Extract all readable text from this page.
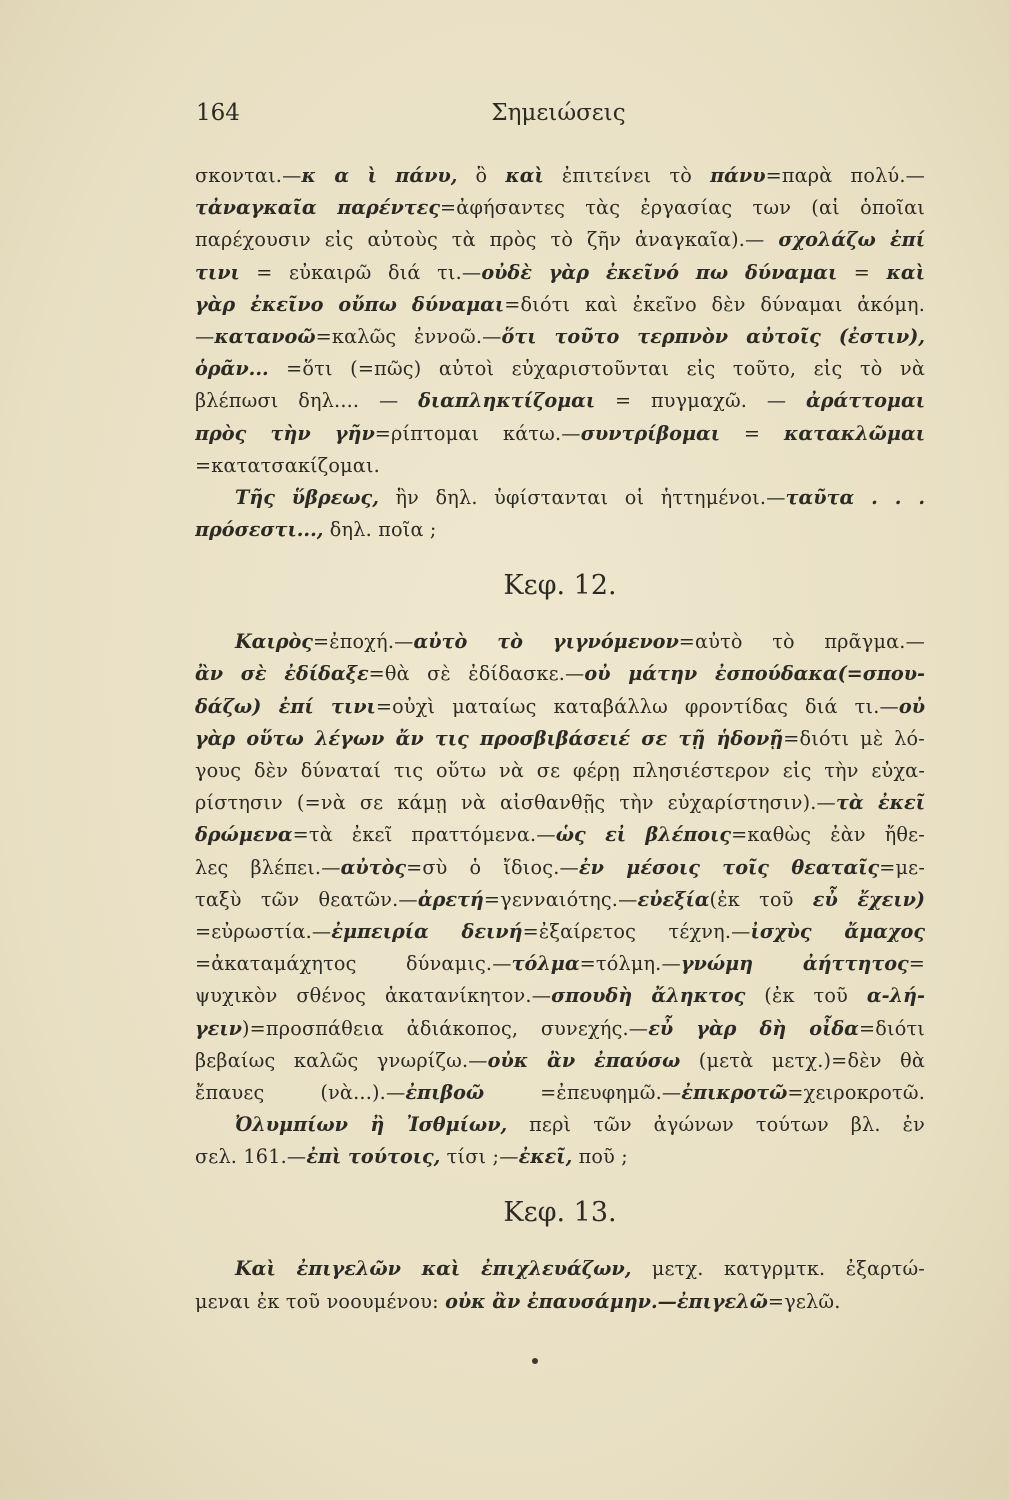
164	Σημειώσεις
σκονται.—κ α ὶ πάνυ, ὃ καὶ ἐπιτείνει τὸ πάνυ=παρὰ πολύ.—
τἀναγκαῖα παρέντες=ἀφήσαντες τὰς ἐργασίας των (αἱ ὁποῖαι
παρέχουσιν εἰς αὐτοὺς τὰ πρὸς τὸ ζῆν ἀναγκαῖα).— σχολάζω ἐπί
τινι = εὐκαιρῶ διά τι.—οὐδὲ γὰρ ἐκεῖνό πω δύναμαι = καὶ
γὰρ ἐκεῖνο οὔπω δύναμαι=διότι καὶ ἐκεῖνο δὲν δύναμαι ἀκόμη.
—κατανοῶ=καλῶς ἐννοῶ.—ὅτι τοῦτο τερπνὸν αὐτοῖς (ἐστιν),
ὁρᾶν... =ὅτι (=πῶς) αὐτοὶ εὐχαριστοῦνται εἰς τοῦτο, εἰς τὸ νὰ
βλέπωσι δηλ.... — διαπληκτίζομαι = πυγμαχῶ. — ἀράττομαι
πρὸς τὴν γῆν=ρίπτομαι κάτω.—συντρίβομαι = κατακλῶμαι
=κατατσακίζομαι.
Τῆς ὕβρεως, ἣν δηλ. ὑφίστανται οἱ ἡττημένοι.—ταῦτα . . .
πρόσεστι..., δηλ. ποῖα ;
Κεφ. 12.
Καιρὸς=ἐποχή.—αὐτὸ τὸ γιγνόμενον=αὐτὸ τὸ πρᾶγμα.—
ἂν σὲ ἐδίδαξε=θὰ σὲ ἐδίδασκε.—οὐ μάτην ἐσπούδακα(=σπου-
δάζω) ἐπί τινι=οὐχὶ ματαίως καταβάλλω φροντίδας διά τι.—οὐ
γὰρ οὕτω λέγων ἄν τις προσβιβάσειέ σε τῇ ἡδονῇ=διότι μὲ λό-
γους δὲν δύναταί τις οὕτω νὰ σε φέρῃ πλησιέστερον εἰς τὴν εὐχα-
ρίστησιν (=νὰ σε κάμῃ νὰ αἰσθανθῇς τὴν εὐχαρίστησιν).—τὰ ἐκεῖ
δρώμενα=τὰ ἐκεῖ πραττόμενα.—ὡς εἰ βλέποις=καθὼς ἐὰν ἤθε-
λες βλέπει.—αὐτὸς=σὺ ὁ ἴδιος.—ἐν μέσοις τοῖς θεαταῖς=με-
ταξὺ τῶν θεατῶν.—ἀρετή=γενναιότης.—εὐεξία(ἐκ τοῦ εὖ ἔχειν)
=εὐρωστία.—ἐμπειρία δεινή=ἐξαίρετος τέχνη.—ἰσχὺς ἄμαχος
=ἀκαταμάχητος δύναμις.—τόλμα=τόλμη.—γνώμη ἀήττητος=
ψυχικὸν σθένος ἀκατανίκητον.—σπουδὴ ἄληκτος (ἐκ τοῦ α-λή-
γειν)=προσπάθεια ἀδιάκοπος, συνεχής.—εὖ γὰρ δὴ οἶδα=διότι
βεβαίως καλῶς γνωρίζω.—οὐκ ἂν ἐπαύσω (μετὰ μετχ.)=δὲν θὰ
ἔπαυες (νὰ...).—ἐπιβοῶ =ἐπευφημῶ.—ἐπικροτῶ=χειροκροτῶ.
Ὀλυμπίων ἢ Ἰσθμίων, περὶ τῶν ἀγώνων τούτων βλ. ἐν
σελ. 161.—ἐπὶ τούτοις, τίσι ;—ἐκεῖ, ποῦ ;
Κεφ. 13.
Καὶ ἐπιγελῶν καὶ ἐπιχλευάζων, μετχ. κατγρμτκ. ἐξαρτώ-
μεναι ἐκ τοῦ νοουμένου: οὐκ ἂν ἐπαυσάμην.—ἐπιγελῶ=γελῶ.
